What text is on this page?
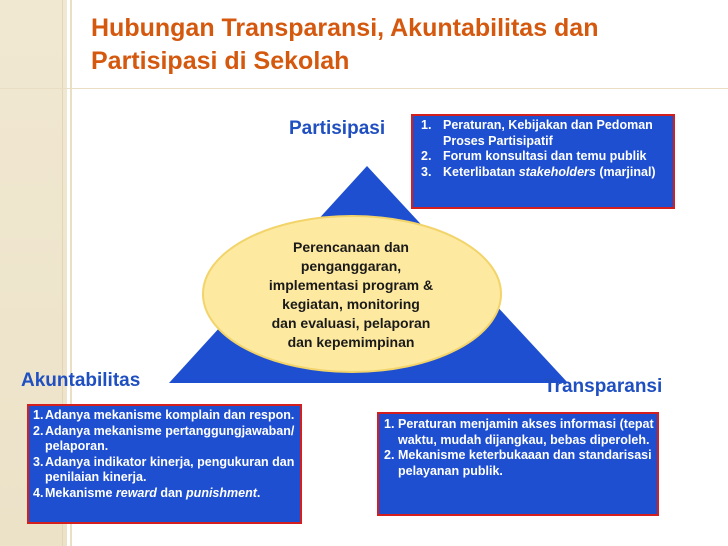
Hubungan Transparansi, Akuntabilitas dan
Partisipasi di Sekolah
Partisipasi
Akuntabilitas	Transparansi
Perencanaan dan
penganggaran,
implementasi program &
kegiatan, monitoring
dan evaluasi, pelaporan
dan kepemimpinan
1. Peraturan, Kebijakan dan Pedoman Proses Partisipatif
2. Forum konsultasi dan temu publik
3. Keterlibatan stakeholders (marjinal)
1. Adanya mekanisme komplain dan respon.
2. Adanya mekanisme pertanggungjawaban/ pelaporan.
3. Adanya indikator kinerja, pengukuran dan penilaian kinerja.
4. Mekanisme reward dan punishment.
1. Peraturan menjamin akses informasi (tepat waktu, mudah dijangkau, bebas diperoleh.
2. Mekanisme keterbukaaan dan standarisasi pelayanan publik.
